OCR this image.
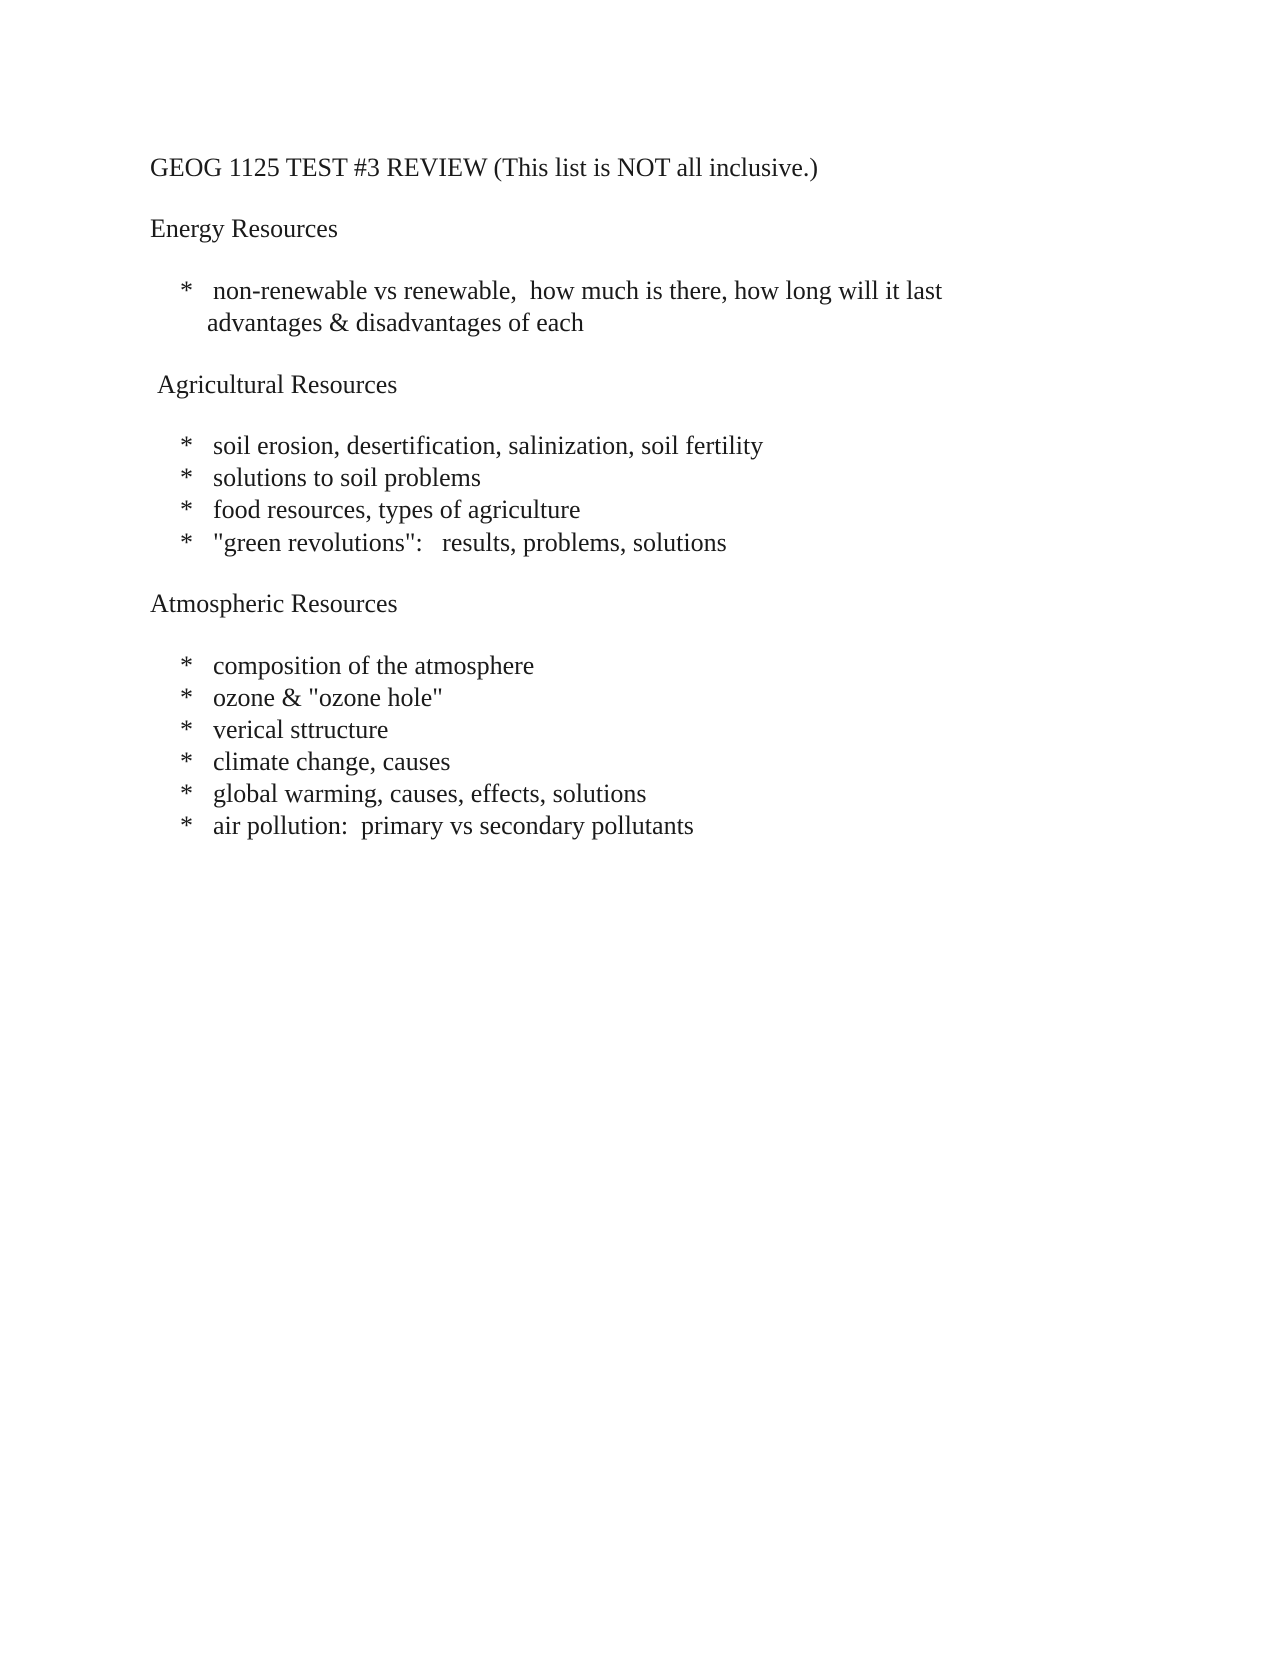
GEOG 1125 TEST #3 REVIEW (This list is NOT all inclusive.)
Energy Resources
* non-renewable vs renewable,  how much is there, how long will it last
advantages & disadvantages of each
Agricultural Resources
* soil erosion, desertification, salinization, soil fertility
* solutions to soil problems
* food resources, types of agriculture
* "green revolutions":   results, problems, solutions
Atmospheric Resources
* composition of the atmosphere
* ozone & "ozone hole"
* verical sttructure
* climate change, causes
* global warming, causes, effects, solutions
* air pollution:  primary vs secondary pollutants
